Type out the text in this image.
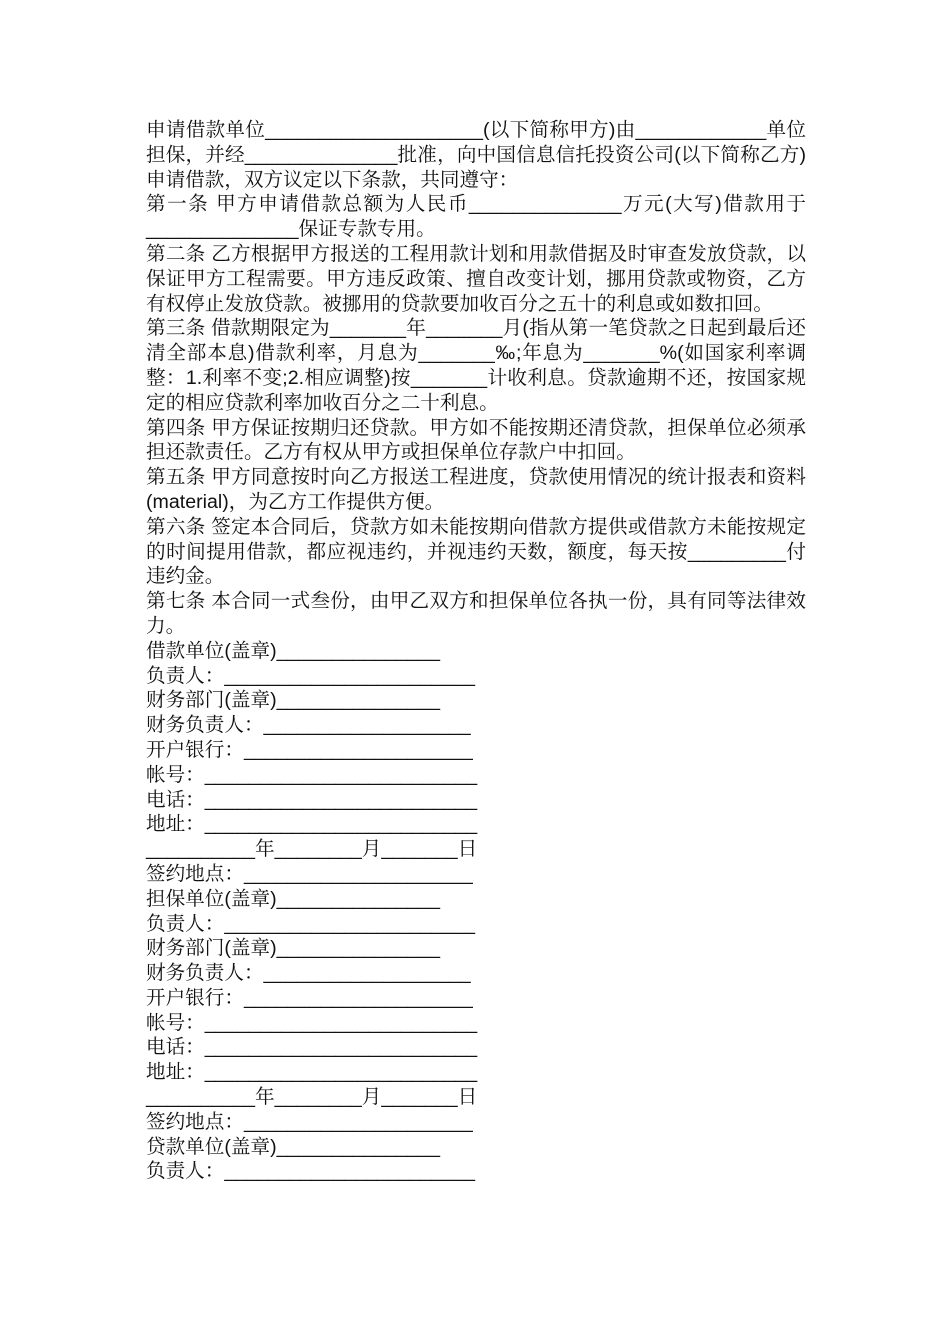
申请借款单位____________________(以下简称甲方)由____________单位担保，并经______________批准，向中国信息信托投资公司(以下简称乙方)申请借款，双方议定以下条款，共同遵守：

第一条 甲方申请借款总额为人民币______________万元(大写)借款用于______________保证专款专用。

第二条 乙方根据甲方报送的工程用款计划和用款借据及时审查发放贷款，以保证甲方工程需要。甲方违反政策、擅自改变计划，挪用贷款或物资，乙方有权停止发放贷款。被挪用的贷款要加收百分之五十的利息或如数扣回。

第三条 借款期限定为_______年_______月(指从第一笔贷款之日起到最后还清全部本息)借款利率，月息为_______‰;年息为_______%(如国家利率调整：1.利率不变;2.相应调整)按_______计收利息。贷款逾期不还，按国家规定的相应贷款利率加收百分之二十利息。

第四条 甲方保证按期归还贷款。甲方如不能按期还清贷款，担保单位必须承担还款责任。乙方有权从甲方或担保单位存款户中扣回。

第五条 甲方同意按时向乙方报送工程进度，贷款使用情况的统计报表和资料(material)，为乙方工作提供方便。

第六条 签定本合同后，贷款方如未能按期向借款方提供或借款方未能按规定的时间提用借款，都应视违约，并视违约天数，额度，每天按_________付违约金。

第七条 本合同一式叁份，由甲乙双方和担保单位各执一份，具有同等法律效力。

借款单位(盖章)_______________
负责人：_______________________
财务部门(盖章)_______________
财务负责人：___________________
开户银行：_____________________
帐号：_________________________
电话：_________________________
地址：_________________________
__________年________月_______日
签约地点：_____________________
担保单位(盖章)_______________
负责人：_______________________
财务部门(盖章)_______________
财务负责人：___________________
开户银行：_____________________
帐号：_________________________
电话：_________________________
地址：_________________________
__________年________月_______日
签约地点：_____________________
贷款单位(盖章)_______________
负责人：_______________________
